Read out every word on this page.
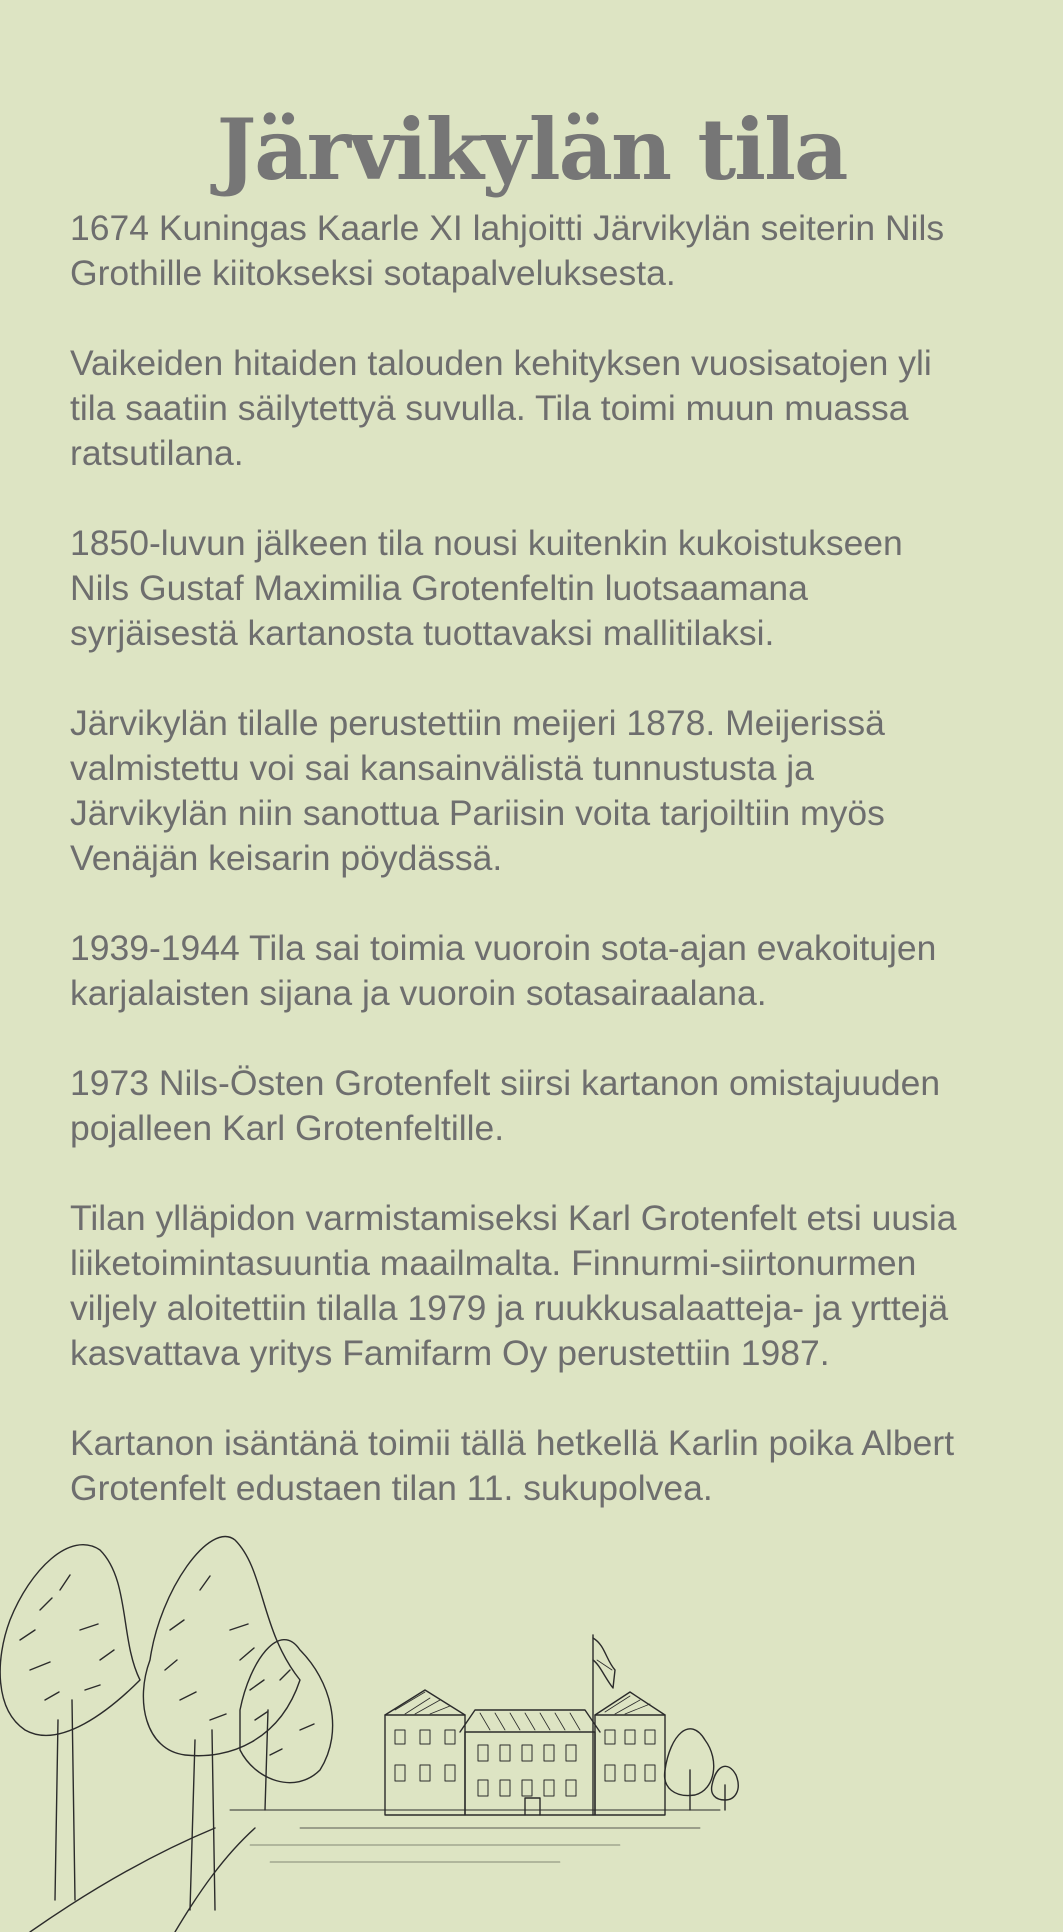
Järvikylän tila

1674 Kuningas Kaarle XI lahjoitti Järvikylän seiterin Nils
Grothille kiitokseksi sotapalveluksesta.

Vaikeiden hitaiden talouden kehityksen vuosisatojen yli
tila saatiin säilytettyä suvulla. Tila toimi muun muassa
ratsutilana.

1850-luvun jälkeen tila nousi kuitenkin kukoistukseen
Nils Gustaf Maximilia Grotenfeltin luotsaamana
syrjäisestä kartanosta tuottavaksi mallitilaksi.

Järvikylän tilalle perustettiin meijeri 1878. Meijerissä
valmistettu voi sai kansainvälistä tunnustusta ja
Järvikylän niin sanottua Pariisin voita tarjoiltiin myös
Venäjän keisarin pöydässä.

1939-1944 Tila sai toimia vuoroin sota-ajan evakoitujen
karjalaisten sijana ja vuoroin sotasairaalana.

1973 Nils-Östen Grotenfelt siirsi kartanon omistajuuden
pojalleen Karl Grotenfeltille.

Tilan ylläpidon varmistamiseksi Karl Grotenfelt etsi uusia
liiketoimintasuuntia maailmalta. Finnurmi-siirtonurmen
viljely aloitettiin tilalla 1979 ja ruukkusalaatteja- ja yrttejä
kasvattava yritys Famifarm Oy perustettiin 1987.

Kartanon isäntänä toimii tällä hetkellä Karlin poika Albert
Grotenfelt edustaen tilan 11. sukupolvea.
